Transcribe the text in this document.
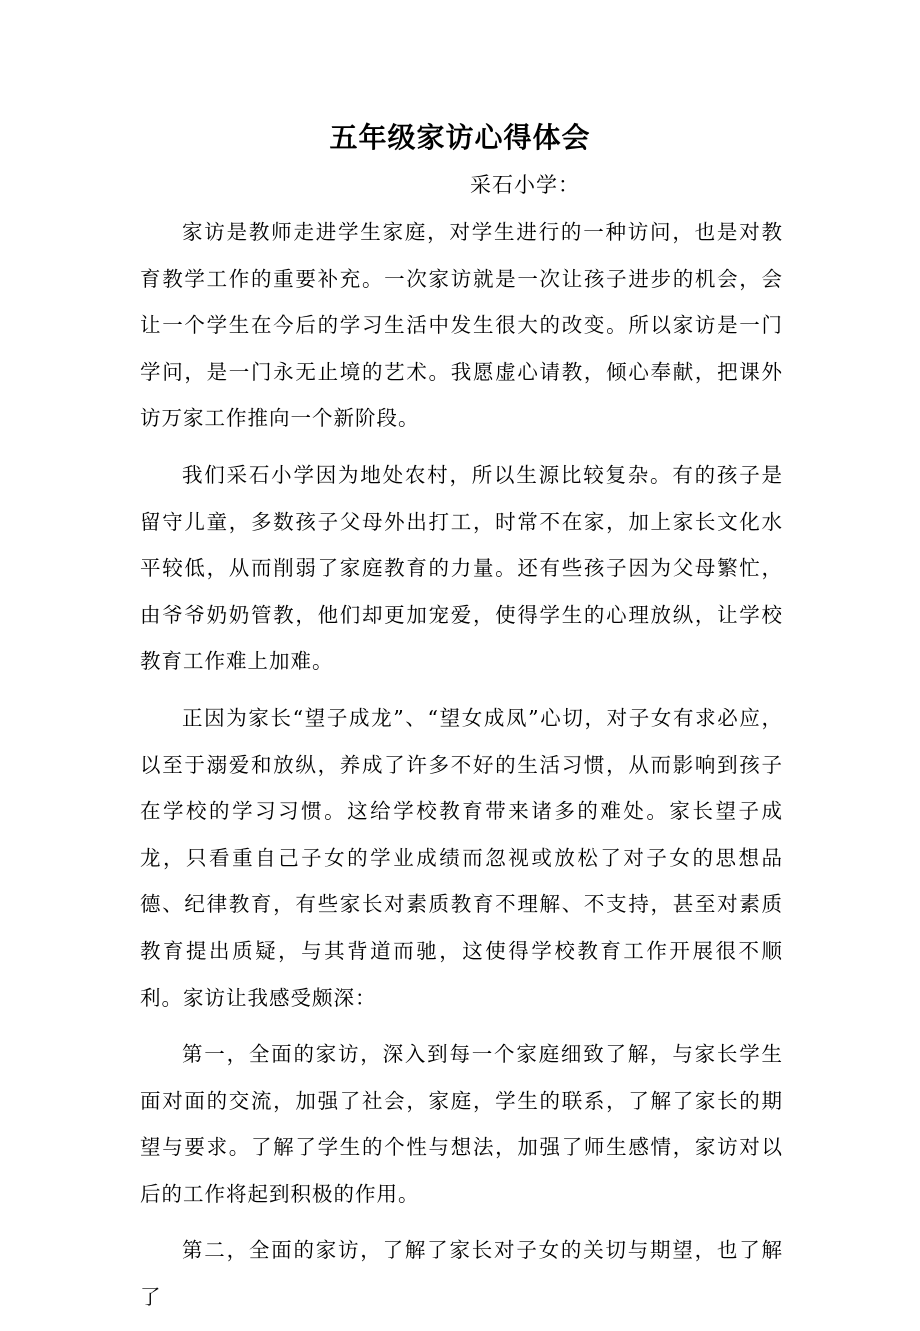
五年级家访心得体会
采石小学：

家访是教师走进学生家庭，对学生进行的一种访问，也是对教育教学工作的重要补充。一次家访就是一次让孩子进步的机会，会让一个学生在今后的学习生活中发生很大的改变。所以家访是一门学问，是一门永无止境的艺术。我愿虚心请教，倾心奉献，把课外访万家工作推向一个新阶段。

我们采石小学因为地处农村，所以生源比较复杂。有的孩子是留守儿童，多数孩子父母外出打工，时常不在家，加上家长文化水平较低，从而削弱了家庭教育的力量。还有些孩子因为父母繁忙，由爷爷奶奶管教，他们却更加宠爱，使得学生的心理放纵，让学校教育工作难上加难。

正因为家长“望子成龙”、“望女成凤”心切，对子女有求必应，以至于溺爱和放纵，养成了许多不好的生活习惯，从而影响到孩子在学校的学习习惯。这给学校教育带来诸多的难处。家长望子成龙，只看重自己子女的学业成绩而忽视或放松了对子女的思想品德、纪律教育，有些家长对素质教育不理解、不支持，甚至对素质教育提出质疑，与其背道而驰，这使得学校教育工作开展很不顺利。家访让我感受颇深：

第一，全面的家访，深入到每一个家庭细致了解，与家长学生面对面的交流，加强了社会，家庭，学生的联系，了解了家长的期望与要求。了解了学生的个性与想法，加强了师生感情，家访对以后的工作将起到积极的作用。

第二，全面的家访，了解了家长对子女的关切与期望，也了解了
